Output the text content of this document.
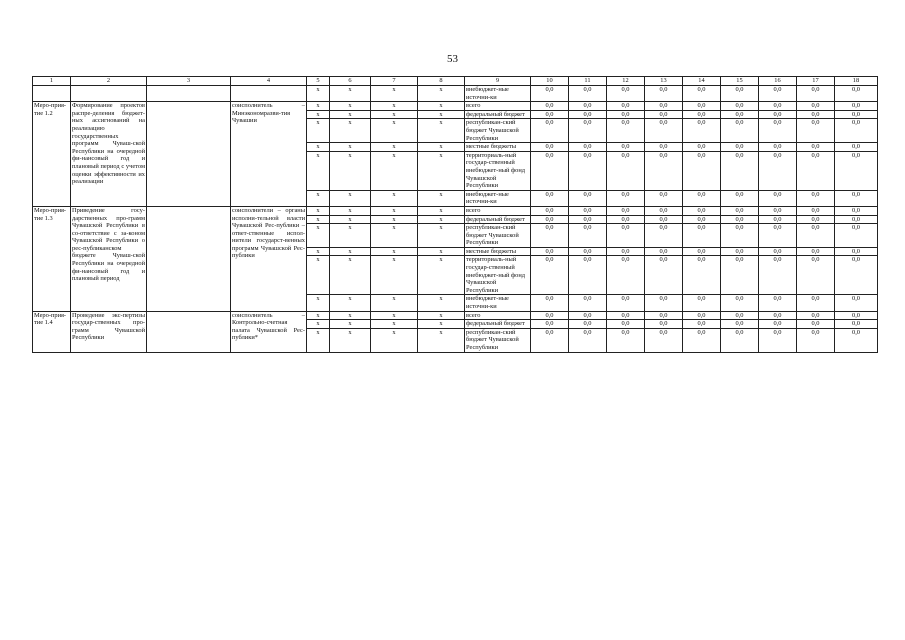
53
1	2	3	4	5	6	7	8	9	10	11	12	13	14	15	16	17	18
				х	х	х	х	внебюджет-ные источни-ки	0,0	0,0	0,0	0,0	0,0	0,0	0,0	0,0	0,0
Меро-прия-тие 1.2	Формирование проектов распре-деления бюджет-ных ассигнований на реализацию государственных программ Чуваш-ской Республики на очередной фи-нансовый год и плановый период с учетом оценки эффективности их реализации		соисполнитель – Минэкономразви-тия Чувашии	х	х	х	х	всего	0,0	0,0	0,0	0,0	0,0	0,0	0,0	0,0	0,0
				х	х	х	х	федеральный бюджет	0,0	0,0	0,0	0,0	0,0	0,0	0,0	0,0	0,0
				х	х	х	х	республикан-ский бюджет Чувашской Республики	0,0	0,0	0,0	0,0	0,0	0,0	0,0	0,0	0,0
				х	х	х	х	местные бюджеты	0,0	0,0	0,0	0,0	0,0	0,0	0,0	0,0	0,0
				х	х	х	х	территориаль-ный государ-ственный внебюджет-ный фонд Чувашской Республики	0,0	0,0	0,0	0,0	0,0	0,0	0,0	0,0	0,0
				х	х	х	х	внебюджет-ные источни-ки	0,0	0,0	0,0	0,0	0,0	0,0	0,0	0,0	0,0
Меро-прия-тие 1.3	Приведение госу-дарственных про-грамм Чувашской Республики в со-ответствие с за-коном Чувашской Республики о рес-публиканском бюджете Чуваш-ской Республики на очередной фи-нансовый год и плановый период		соисполнители – органы исполни-тельной власти Чувашской Рес-публики – ответ-ственные испол-нители государст-венных программ Чувашской Рес-публики	х	х	х	х	всего	0,0	0,0	0,0	0,0	0,0	0,0	0,0	0,0	0,0
				х	х	х	х	федеральный бюджет	0,0	0,0	0,0	0,0	0,0	0,0	0,0	0,0	0,0
				х	х	х	х	республикан-ский бюджет Чувашской Республики	0,0	0,0	0,0	0,0	0,0	0,0	0,0	0,0	0,0
				х	х	х	х	местные бюджеты	0,0	0,0	0,0	0,0	0,0	0,0	0,0	0,0	0,0
				х	х	х	х	территориаль-ный государ-ственный внебюджет-ный фонд Чувашской Республики	0,0	0,0	0,0	0,0	0,0	0,0	0,0	0,0	0,0
				х	х	х	х	внебюджет-ные источни-ки	0,0	0,0	0,0	0,0	0,0	0,0	0,0	0,0	0,0
Меро-прия-тие 1.4	Проведение экс-пертизы государ-ственных про-грамм Чувашской Республики		соисполнитель – Контрольно-счетная палата Чувашской Рес-публики*	х	х	х	х	всего	0,0	0,0	0,0	0,0	0,0	0,0	0,0	0,0	0,0
				х	х	х	х	федеральный бюджет	0,0	0,0	0,0	0,0	0,0	0,0	0,0	0,0	0,0
				х	х	х	х	республикан-ский бюджет Чувашской Республики	0,0	0,0	0,0	0,0	0,0	0,0	0,0	0,0	0,0
